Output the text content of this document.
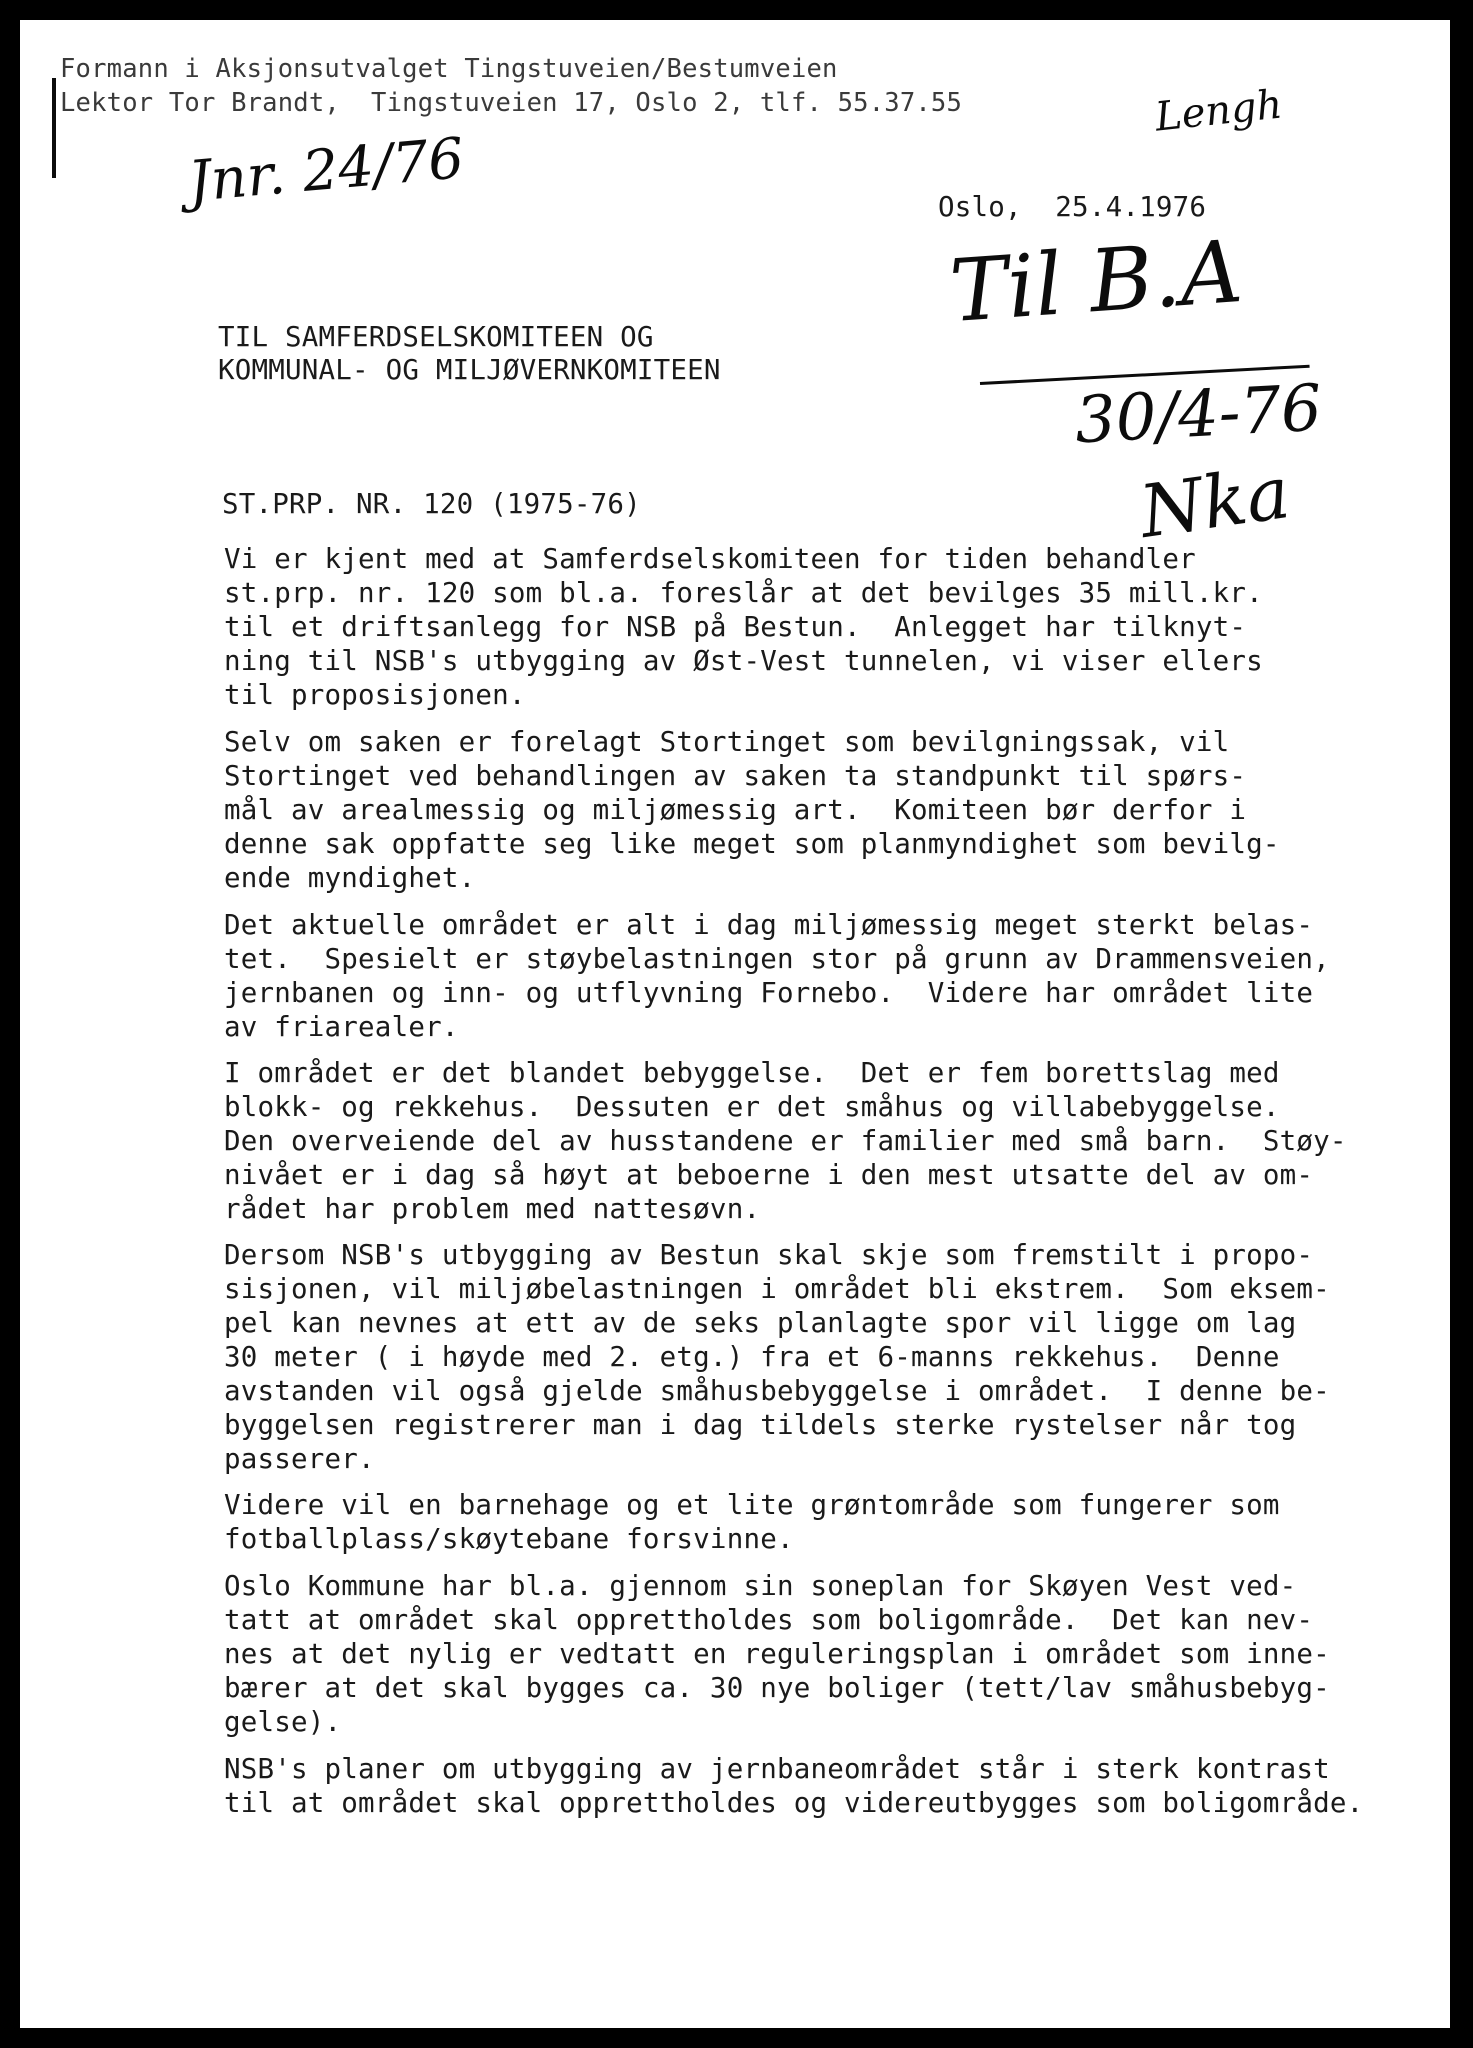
Formann i Aksjonsutvalget Tingstuveien/Bestumveien

Lektor Tor Brandt,  Tingstuveien 17, Oslo 2, tlf. 55.37.55	Lengh

Jnr. 24/76	Oslo,  25.4.1976

Til B.A

30/4-76

Nka

TIL SAMFERDSELSKOMITEEN OG

KOMMUNAL- OG MILJØVERNKOMITEEN

ST.PRP. NR. 120 (1975-76)

Vi er kjent med at Samferdselskomiteen for tiden behandler

st.prp. nr. 120 som bl.a. foreslår at det bevilges 35 mill.kr.

til et driftsanlegg for NSB på Bestun.  Anlegget har tilknyt-

ning til NSB's utbygging av Øst-Vest tunnelen, vi viser ellers

til proposisjonen.

Selv om saken er forelagt Stortinget som bevilgningssak, vil

Stortinget ved behandlingen av saken ta standpunkt til spørs-

mål av arealmessig og miljømessig art.  Komiteen bør derfor i

denne sak oppfatte seg like meget som planmyndighet som bevilg-

ende myndighet.

Det aktuelle området er alt i dag miljømessig meget sterkt belas-

tet.  Spesielt er støybelastningen stor på grunn av Drammensveien,

jernbanen og inn- og utflyvning Fornebo.  Videre har området lite

av friarealer.

I området er det blandet bebyggelse.  Det er fem borettslag med

blokk- og rekkehus.  Dessuten er det småhus og villabebyggelse.

Den overveiende del av husstandene er familier med små barn.  Støy-

nivået er i dag så høyt at beboerne i den mest utsatte del av om-

rådet har problem med nattesøvn.

Dersom NSB's utbygging av Bestun skal skje som fremstilt i propo-

sisjonen, vil miljøbelastningen i området bli ekstrem.  Som eksem-

pel kan nevnes at ett av de seks planlagte spor vil ligge om lag

30 meter ( i høyde med 2. etg.) fra et 6-manns rekkehus.  Denne

avstanden vil også gjelde småhusbebyggelse i området.  I denne be-

byggelsen registrerer man i dag tildels sterke rystelser når tog

passerer.

Videre vil en barnehage og et lite grøntområde som fungerer som

fotballplass/skøytebane forsvinne.

Oslo Kommune har bl.a. gjennom sin soneplan for Skøyen Vest ved-

tatt at området skal opprettholdes som boligområde.  Det kan nev-

nes at det nylig er vedtatt en reguleringsplan i området som inne-

bærer at det skal bygges ca. 30 nye boliger (tett/lav småhusbebyg-

gelse).

NSB's planer om utbygging av jernbaneområdet står i sterk kontrast

til at området skal opprettholdes og videreutbygges som boligområde.
